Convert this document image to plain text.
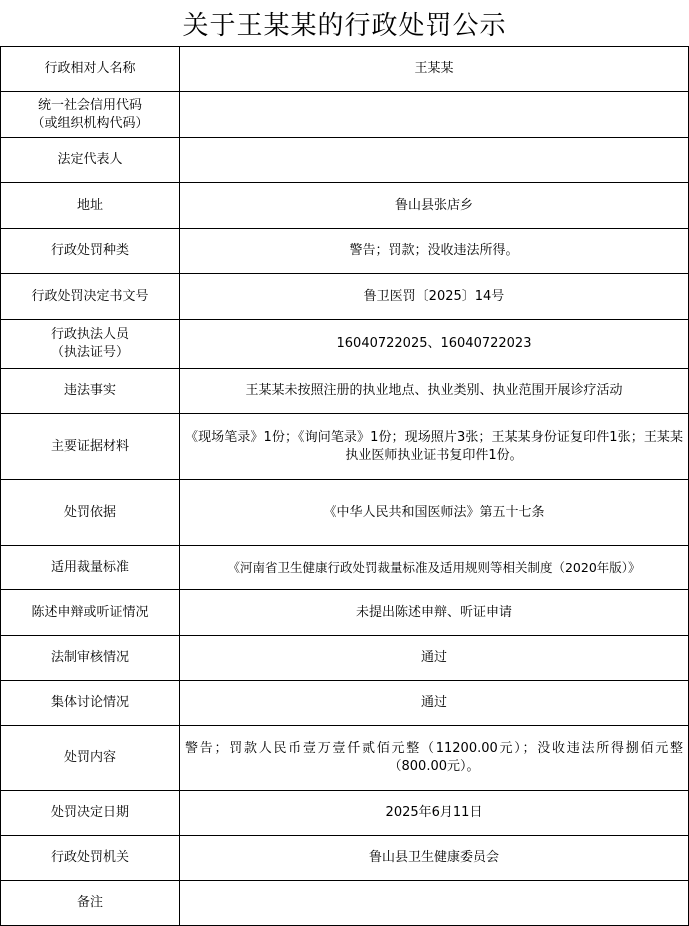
关于王某某的行政处罚公示
行政相对人名称	王某某
统一社会信用代码
（或组织机构代码）	
法定代表人	
地址	鲁山县张店乡
行政处罚种类	警告；罚款；没收违法所得。
行政处罚决定书文号	鲁卫医罚〔2025〕14号
行政执法人员
（执法证号）	16040722025、16040722023
违法事实	王某某未按照注册的执业地点、执业类别、执业范围开展诊疗活动
主要证据材料	《现场笔录》1份；《询问笔录》1份；现场照片3张；王某某身份证复印件1张；王某某执业医师执业证书复印件1份。
处罚依据	《中华人民共和国医师法》第五十七条
适用裁量标准	《河南省卫生健康行政处罚裁量标准及适用规则等相关制度（2020年版）》
陈述申辩或听证情况	未提出陈述申辩、听证申请
法制审核情况	通过
集体讨论情况	通过
处罚内容	警告；罚款人民币壹万壹仟贰佰元整（11200.00元）；没收违法所得捌佰元整（800.00元）。
处罚决定日期	2025年6月11日
行政处罚机关	鲁山县卫生健康委员会
备注	
